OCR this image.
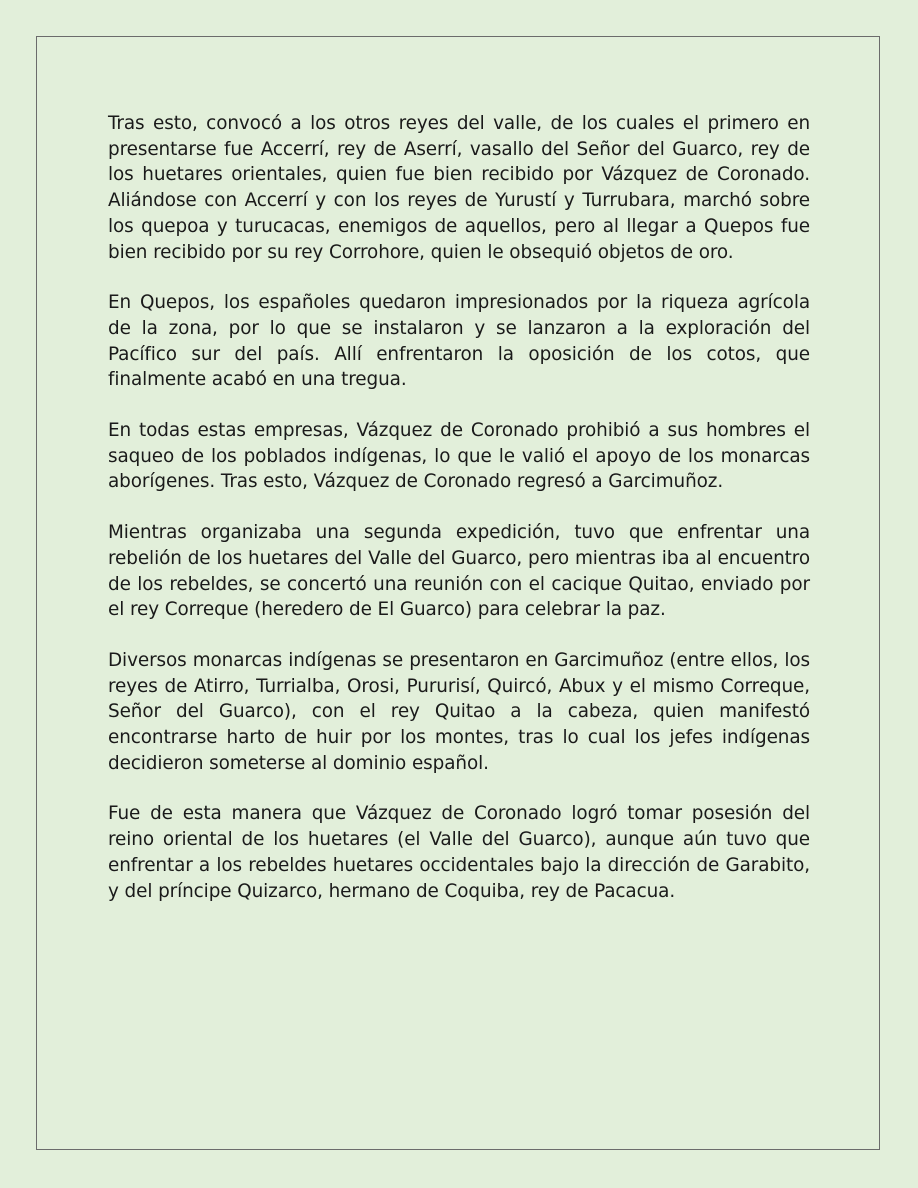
Tras esto, convocó a los otros reyes del valle, de los cuales el primero en presentarse fue Accerrí, rey de Aserrí, vasallo del Señor del Guarco, rey de los huetares orientales, quien fue bien recibido por Vázquez de Coronado. Aliándose con Accerrí y con los reyes de Yurustí y Turrubara, marchó sobre los quepoa y turucacas, enemigos de aquellos, pero al llegar a Quepos fue bien recibido por su rey Corrohore, quien le obsequió objetos de oro.

En Quepos, los españoles quedaron impresionados por la riqueza agrícola de la zona, por lo que se instalaron y se lanzaron a la exploración del Pacífico sur del país. Allí enfrentaron la oposición de los cotos, que finalmente acabó en una tregua.

En todas estas empresas, Vázquez de Coronado prohibió a sus hombres el saqueo de los poblados indígenas, lo que le valió el apoyo de los monarcas aborígenes. Tras esto, Vázquez de Coronado regresó a Garcimuñoz.

Mientras organizaba una segunda expedición, tuvo que enfrentar una rebelión de los huetares del Valle del Guarco, pero mientras iba al encuentro de los rebeldes, se concertó una reunión con el cacique Quitao, enviado por el rey Correque (heredero de El Guarco) para celebrar la paz.

Diversos monarcas indígenas se presentaron en Garcimuñoz (entre ellos, los reyes de Atirro, Turrialba, Orosi, Pururisí, Quircó, Abux y el mismo Correque, Señor del Guarco), con el rey Quitao a la cabeza, quien manifestó encontrarse harto de huir por los montes, tras lo cual los jefes indígenas decidieron someterse al dominio español.

Fue de esta manera que Vázquez de Coronado logró tomar posesión del reino oriental de los huetares (el Valle del Guarco), aunque aún tuvo que enfrentar a los rebeldes huetares occidentales bajo la dirección de Garabito, y del príncipe Quizarco, hermano de Coquiba, rey de Pacacua.
